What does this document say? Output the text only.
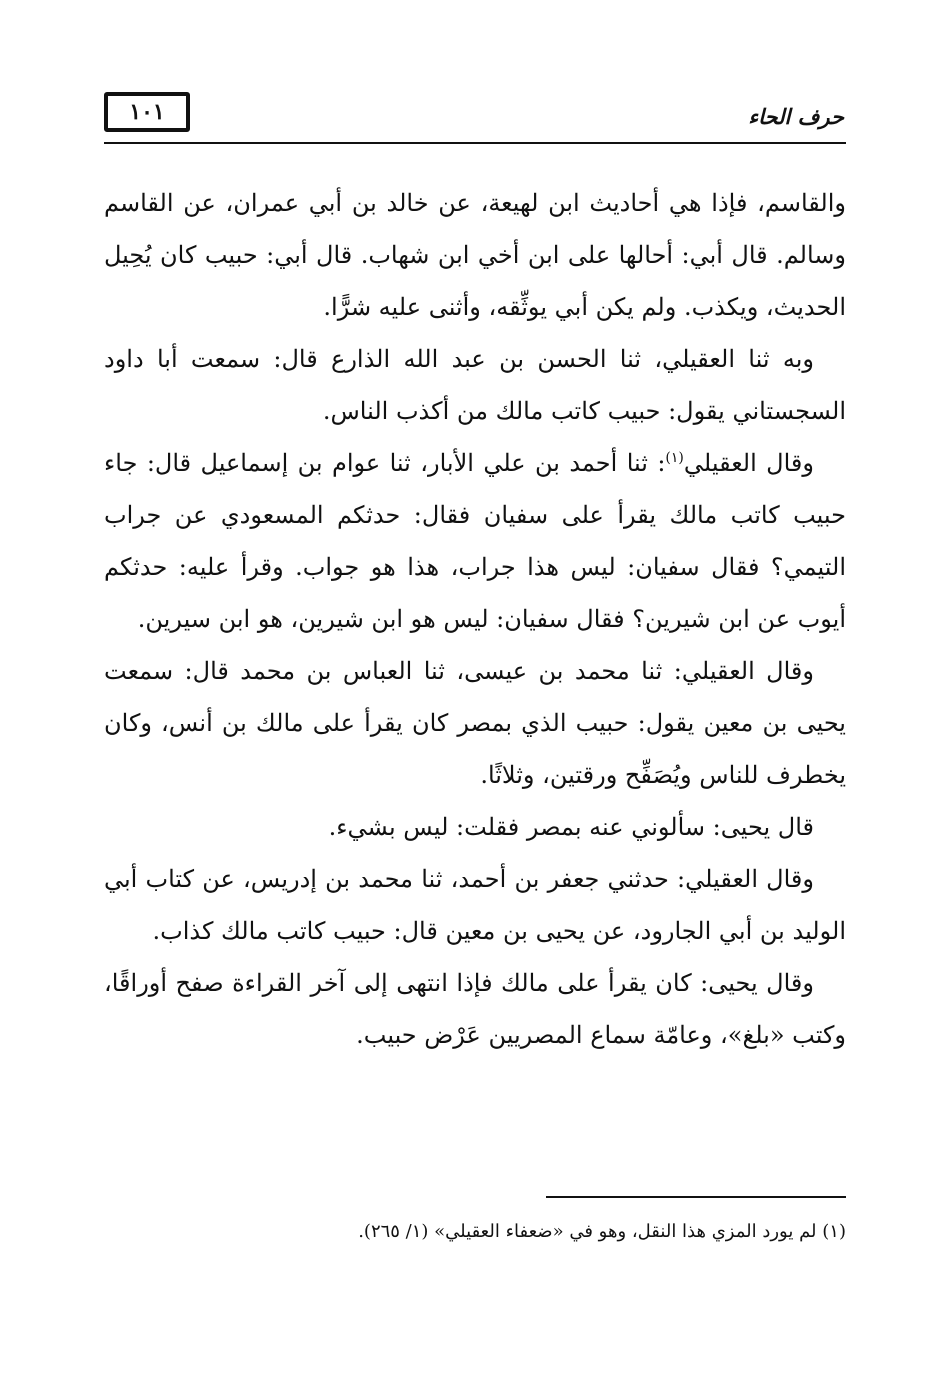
١٠١	حرف الحاء

والقاسم، فإذا هي أحاديث ابن لهيعة، عن خالد بن أبي عمران، عن القاسم وسالم. قال أبي: أحالها على ابن أخي ابن شهاب. قال أبي: حبيب كان يُحِيل الحديث، ويكذب. ولم يكن أبي يوثِّقه، وأثنى عليه شرًّا.

وبه ثنا العقيلي، ثنا الحسن بن عبد الله الذارع قال: سمعت أبا داود السجستاني يقول: حبيب كاتب مالك من أكذب الناس.

وقال العقيلي$^{(١)}$: ثنا أحمد بن علي الأبار، ثنا عوام بن إسماعيل قال: جاء حبيب كاتب مالك يقرأ على سفيان فقال: حدثكم المسعودي عن جراب التيمي؟ فقال سفيان: ليس هذا جراب، هذا هو جواب. وقرأ عليه: حدثكم أيوب عن ابن شيرين؟ فقال سفيان: ليس هو ابن شيرين، هو ابن سيرين.

وقال العقيلي: ثنا محمد بن عيسى، ثنا العباس بن محمد قال: سمعت يحيى بن معين يقول: حبيب الذي بمصر كان يقرأ على مالك بن أنس، وكان يخطرف للناس ويُصَفِّح ورقتين، وثلاثًا.

قال يحيى: سألوني عنه بمصر فقلت: ليس بشيء.

وقال العقيلي: حدثني جعفر بن أحمد، ثنا محمد بن إدريس، عن كتاب أبي الوليد بن أبي الجارود، عن يحيى بن معين قال: حبيب كاتب مالك كذاب.

وقال يحيى: كان يقرأ على مالك فإذا انتهى إلى آخر القراءة صفح أوراقًا، وكتب «بلغ»، وعامّة سماع المصريين عَرْض حبيب.

(١) لم يورد المزي هذا النقل، وهو في «ضعفاء العقيلي» (١/ ٢٦٥).
